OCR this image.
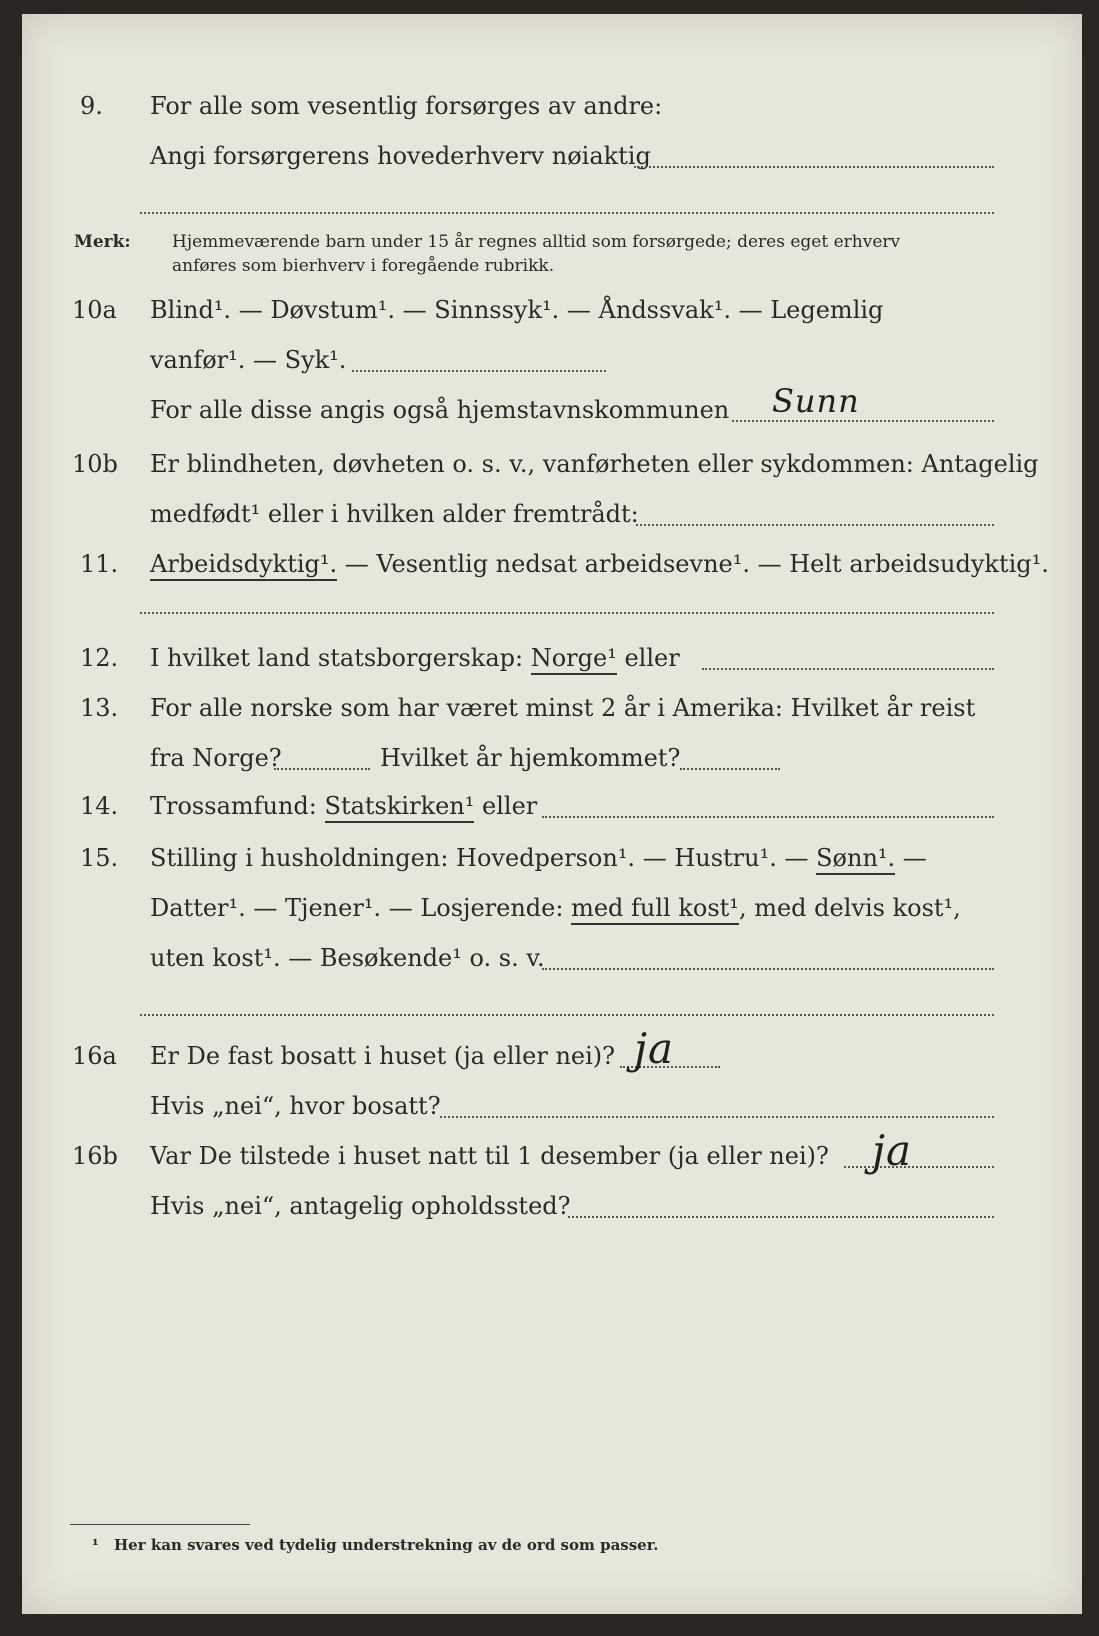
9. For alle som vesentlig forsørges av andre:
Angi forsørgerens hovederhverv nøiaktig
Merk: Hjemmeværende barn under 15 år regnes alltid som forsørgede; deres eget erhverv
anføres som bierhverv i foregående rubrikk.
10a Blind¹. — Døvstum¹. — Sinnssyk¹. — Åndssvak¹. — Legemlig
vanfør¹. — Syk¹.
For alle disse angis også hjemstavnskommunen Sunn
10b Er blindheten, døvheten o. s. v., vanførheten eller sykdommen: Antagelig
medfødt¹ eller i hvilken alder fremtrådt:
11. Arbeidsdyktig¹. — Vesentlig nedsat arbeidsevne¹. — Helt arbeidsudyktig¹.
12. I hvilket land statsborgerskap: Norge¹ eller
13. For alle norske som har været minst 2 år i Amerika: Hvilket år reist
fra Norge?	Hvilket år hjemkommet?
14. Trossamfund: Statskirken¹ eller
15. Stilling i husholdningen: Hovedperson¹. — Hustru¹. — Sønn¹. —
Datter¹. — Tjener¹. — Losjerende: med full kost¹, med delvis kost¹,
uten kost¹. — Besøkende¹ o. s. v.
16a Er De fast bosatt i huset (ja eller nei)? ja
Hvis „nei“, hvor bosatt?
16b Var De tilstede i huset natt til 1 desember (ja eller nei)? ja
Hvis „nei“, antagelig opholdssted?
¹ Her kan svares ved tydelig understrekning av de ord som passer.
